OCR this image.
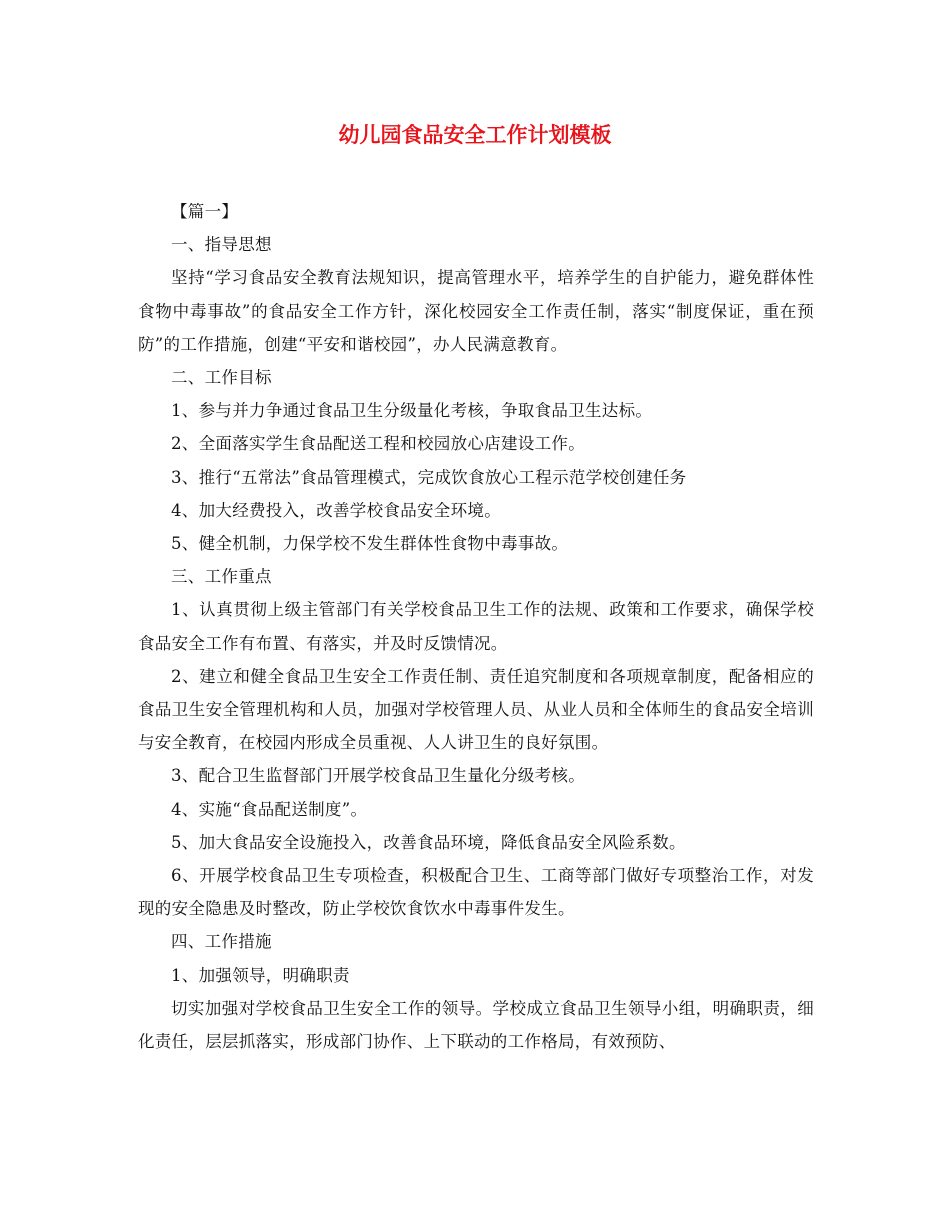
幼儿园食品安全工作计划模板

【篇一】

一、指导思想

坚持“学习食品安全教育法规知识，提高管理水平，培养学生的自护能力，避免群体性食物中毒事故”的食品安全工作方针，深化校园安全工作责任制，落实“制度保证，重在预防”的工作措施，创建“平安和谐校园”，办人民满意教育。

二、工作目标

1、参与并力争通过食品卫生分级量化考核，争取食品卫生达标。

2、全面落实学生食品配送工程和校园放心店建设工作。

3、推行“五常法”食品管理模式，完成饮食放心工程示范学校创建任务

4、加大经费投入，改善学校食品安全环境。

5、健全机制，力保学校不发生群体性食物中毒事故。

三、工作重点

1、认真贯彻上级主管部门有关学校食品卫生工作的法规、政策和工作要求，确保学校食品安全工作有布置、有落实，并及时反馈情况。

2、建立和健全食品卫生安全工作责任制、责任追究制度和各项规章制度，配备相应的食品卫生安全管理机构和人员，加强对学校管理人员、从业人员和全体师生的食品安全培训与安全教育，在校园内形成全员重视、人人讲卫生的良好氛围。

3、配合卫生监督部门开展学校食品卫生量化分级考核。

4、实施“食品配送制度”。

5、加大食品安全设施投入，改善食品环境，降低食品安全风险系数。

6、开展学校食品卫生专项检查，积极配合卫生、工商等部门做好专项整治工作，对发现的安全隐患及时整改，防止学校饮食饮水中毒事件发生。

四、工作措施

1、加强领导，明确职责

切实加强对学校食品卫生安全工作的领导。学校成立食品卫生领导小组，明确职责，细化责任，层层抓落实，形成部门协作、上下联动的工作格局，有效预防、
